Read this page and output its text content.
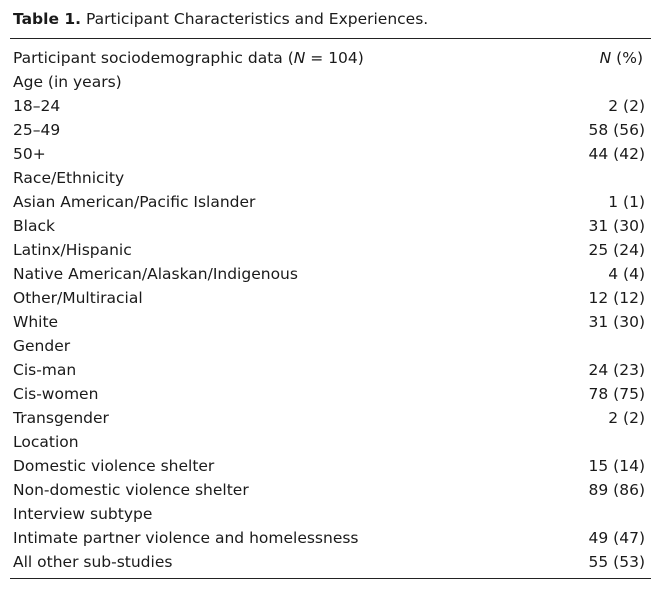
Table 1. Participant Characteristics and Experiences.
Participant sociodemographic data (N = 104)	N (%)
Age (in years)
18–24	2 (2)
25–49	58 (56)
50+	44 (42)
Race/Ethnicity
Asian American/Pacific Islander	1 (1)
Black	31 (30)
Latinx/Hispanic	25 (24)
Native American/Alaskan/Indigenous	4 (4)
Other/Multiracial	12 (12)
White	31 (30)
Gender
Cis-man	24 (23)
Cis-women	78 (75)
Transgender	2 (2)
Location
Domestic violence shelter	15 (14)
Non-domestic violence shelter	89 (86)
Interview subtype
Intimate partner violence and homelessness	49 (47)
All other sub-studies	55 (53)
